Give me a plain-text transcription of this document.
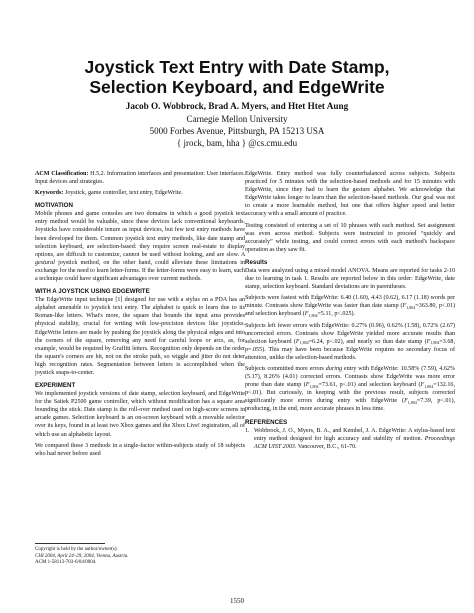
Joystick Text Entry with Date Stamp,
Selection Keyboard, and EdgeWrite
Jacob O. Wobbrock, Brad A. Myers, and Htet Htet Aung
Carnegie Mellon University
5000 Forbes Avenue, Pittsburgh, PA 15213 USA
{ jrock, bam, hha } @cs.cmu.edu

ACM Classification: H.5.2. Information interfaces and presentation: User interfaces. Input devices and strategies.

Keywords: Joystick, game controller, text entry, EdgeWrite.

MOTIVATION

Mobile phones and game consoles are two domains in which a good joystick text entry method would be valuable, since these devices lack conventional keyboards. Joysticks have considerable tenure as input devices, but few text entry methods have been developed for them. Common joystick text entry methods, like date stamp and selection keyboard, are selection-based: they require screen real-estate to display options, are difficult to customize, cannot be used without looking, and are slow. A gestural joystick method, on the other hand, could alleviate these limitations in exchange for the need to learn letter-forms. If the letter-forms were easy to learn, such a technique could have significant advantages over current methods.

WITH A JOYSTICK USING EDGEWRITE

The EdgeWrite input technique [1] designed for use with a stylus on a PDA has an alphabet amenable to joystick text entry. The alphabet is quick to learn due to its Roman-like letters. What's more, the square that bounds the input area provides physical stability, crucial for writing with low-precision devices like joysticks. EdgeWrite letters are made by pushing the joystick along the physical edges and into the corners of the square, removing any need for careful loops or arcs, as, for example, would be required by Graffiti letters. Recognition only depends on the order the square's corners are hit, not on the stroke path, so wiggle and jitter do not deter high recognition rates. Segmentation between letters is accomplished when the joystick snaps-to-center.

EXPERIMENT

We implemented joystick versions of date stamp, selection keyboard, and EdgeWrite for the Saitek P2500 game controller, which without modification has a square area bounding the stick. Date stamp is the roll-over method used on high-score screens in arcade games. Selection keyboard is an on-screen keyboard with a movable selector over its keys, found in at least two Xbox games and the Xbox Live! registration, all of which use an alphabetic layout.

We compared these 3 methods in a single-factor within-subjects study of 18 subjects who had never before used

EdgeWrite. Entry method was fully counterbalanced across subjects. Subjects practiced for 5 minutes with the selection-based methods and for 15 minutes with EdgeWrite, since they had to learn the gesture alphabet. We acknowledge that EdgeWrite takes longer to learn than the selection-based methods. Our goal was not to create a more learnable method, but one that offers higher speed and better accuracy with a small amount of practice.

Testing consisted of entering a set of 10 phrases with each method. Set assignment was even across method. Subjects were instructed to proceed “quickly and accurately” while testing, and could correct errors with each method's backspace operation as they saw fit.

Results

Data were analyzed using a mixed model ANOVA. Means are reported for tasks 2-10 due to learning in task 1. Results are reported below in this order: EdgeWrite, date stamp, selection keyboard. Standard deviations are in parentheses.

Subjects were fastest with EdgeWrite: 6.40 (1.60), 4.43 (0.62), 6.17 (1.18) words per minute. Contrasts show EdgeWrite was faster than date stamp ($F_{1,804}=363.80$, p<.01) and selection keyboard ($F_{1,804}=5.11$, p<.025).

Subjects left fewer errors with EdgeWrite: 0.27% (0.96), 0.62% (1.58), 0.72% (2.67) uncorrected errors. Contrasts show EdgeWrite yielded more accurate results than selection keyboard ($F_{1,804}=6.24$, p<.02), and nearly so than date stamp ($F_{1,804}=3.68$, p=.055). This may have been because EdgeWrite requires no secondary focus of attention, unlike the selection-based methods.

Subjects committed more errors during entry with EdgeWrite: 10.58% (7.59), 4.62% (5.17), 8.26% (4.01) corrected errors. Contrasts show EdgeWrite was more error prone than date stamp ($F_{1,804}=73.61$, p<.01) and selection keyboard ($F_{1,804}=132.16$, p<.01). But curiously, in keeping with the previous result, subjects corrected significantly more errors during entry with EdgeWrite ($F_{1,804}=7.39$, p<.01), producing, in the end, more accurate phrases in less time.

REFERENCES
1. Wobbrock, J. O., Myers, B. A., and Kembel, J. A. EdgeWrite: A stylus-based text entry method designed for high accuracy and stability of motion. Proceedings ACM UIST 2003. Vancouver, B.C., 61-70.
Copyright is held by the author/owner(s).
CHI 2004, April 24–29, 2004, Vienna, Austria.
ACM 1-58113-703-6/04/0004.
1550
